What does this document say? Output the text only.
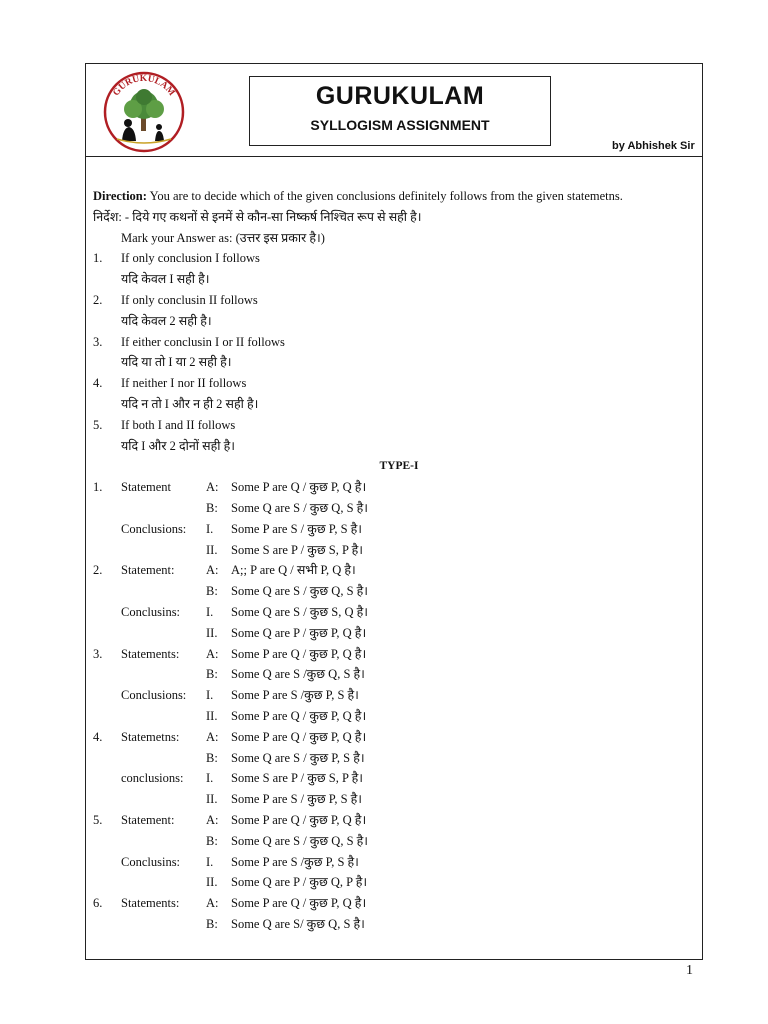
GURUKULAM	GURUKULAM
SYLLOGISM ASSIGNMENT
by Abhishek Sir
Direction: You are to decide which of the given conclusions definitely follows from the given statemetns.
निर्देश: - दिये गए कथनों से इनमें से कौन-सा निष्कर्ष निश्चित रूप से सही है।
Mark your Answer as: (उत्तर इस प्रकार है।)
1. If only conclusion I follows
यदि केवल I सही है।
2. If only conclusin II follows
यदि केवल 2 सही है।
3. If either conclusin I or II follows
यदि या तो I या 2 सही है।
4. If neither I nor II follows
यदि न तो I और न ही 2 सही है।
5. If both I and II follows
यदि I और 2 दोनों सही है।
TYPE-I
1. Statement	A: Some P are Q / कुछ P, Q है।
B: Some Q are S / कुछ Q, S है।
Conclusions: I. Some P are S / कुछ P, S है।
II. Some S are P / कुछ S, P है।
2. Statement:	A: A;; P are Q / सभी P, Q है।
B: Some Q are S / कुछ Q, S है।
Conclusins: I. Some Q are S / कुछ S, Q है।
II. Some Q are P / कुछ P, Q है।
3. Statements: A: Some P are Q / कुछ P, Q है।
B: Some Q are S /कुछ Q, S है।
Conclusions: I. Some P are S /कुछ P, S है।
II. Some P are Q / कुछ P, Q है।
4. Statemetns: A: Some P are Q / कुछ P, Q है।
B: Some Q are S / कुछ P, S है।
conclusions: I. Some S are P / कुछ S, P है।
II. Some P are S / कुछ P, S है।
5. Statement:	A: Some P are Q / कुछ P, Q है।
B: Some Q are S / कुछ Q, S है।
Conclusins: I. Some P are S /कुछ P, S है।
II. Some Q are P / कुछ Q, P है।
6. Statements: A: Some P are Q / कुछ P, Q है।
B: Some Q are S/ कुछ Q, S है।
1
